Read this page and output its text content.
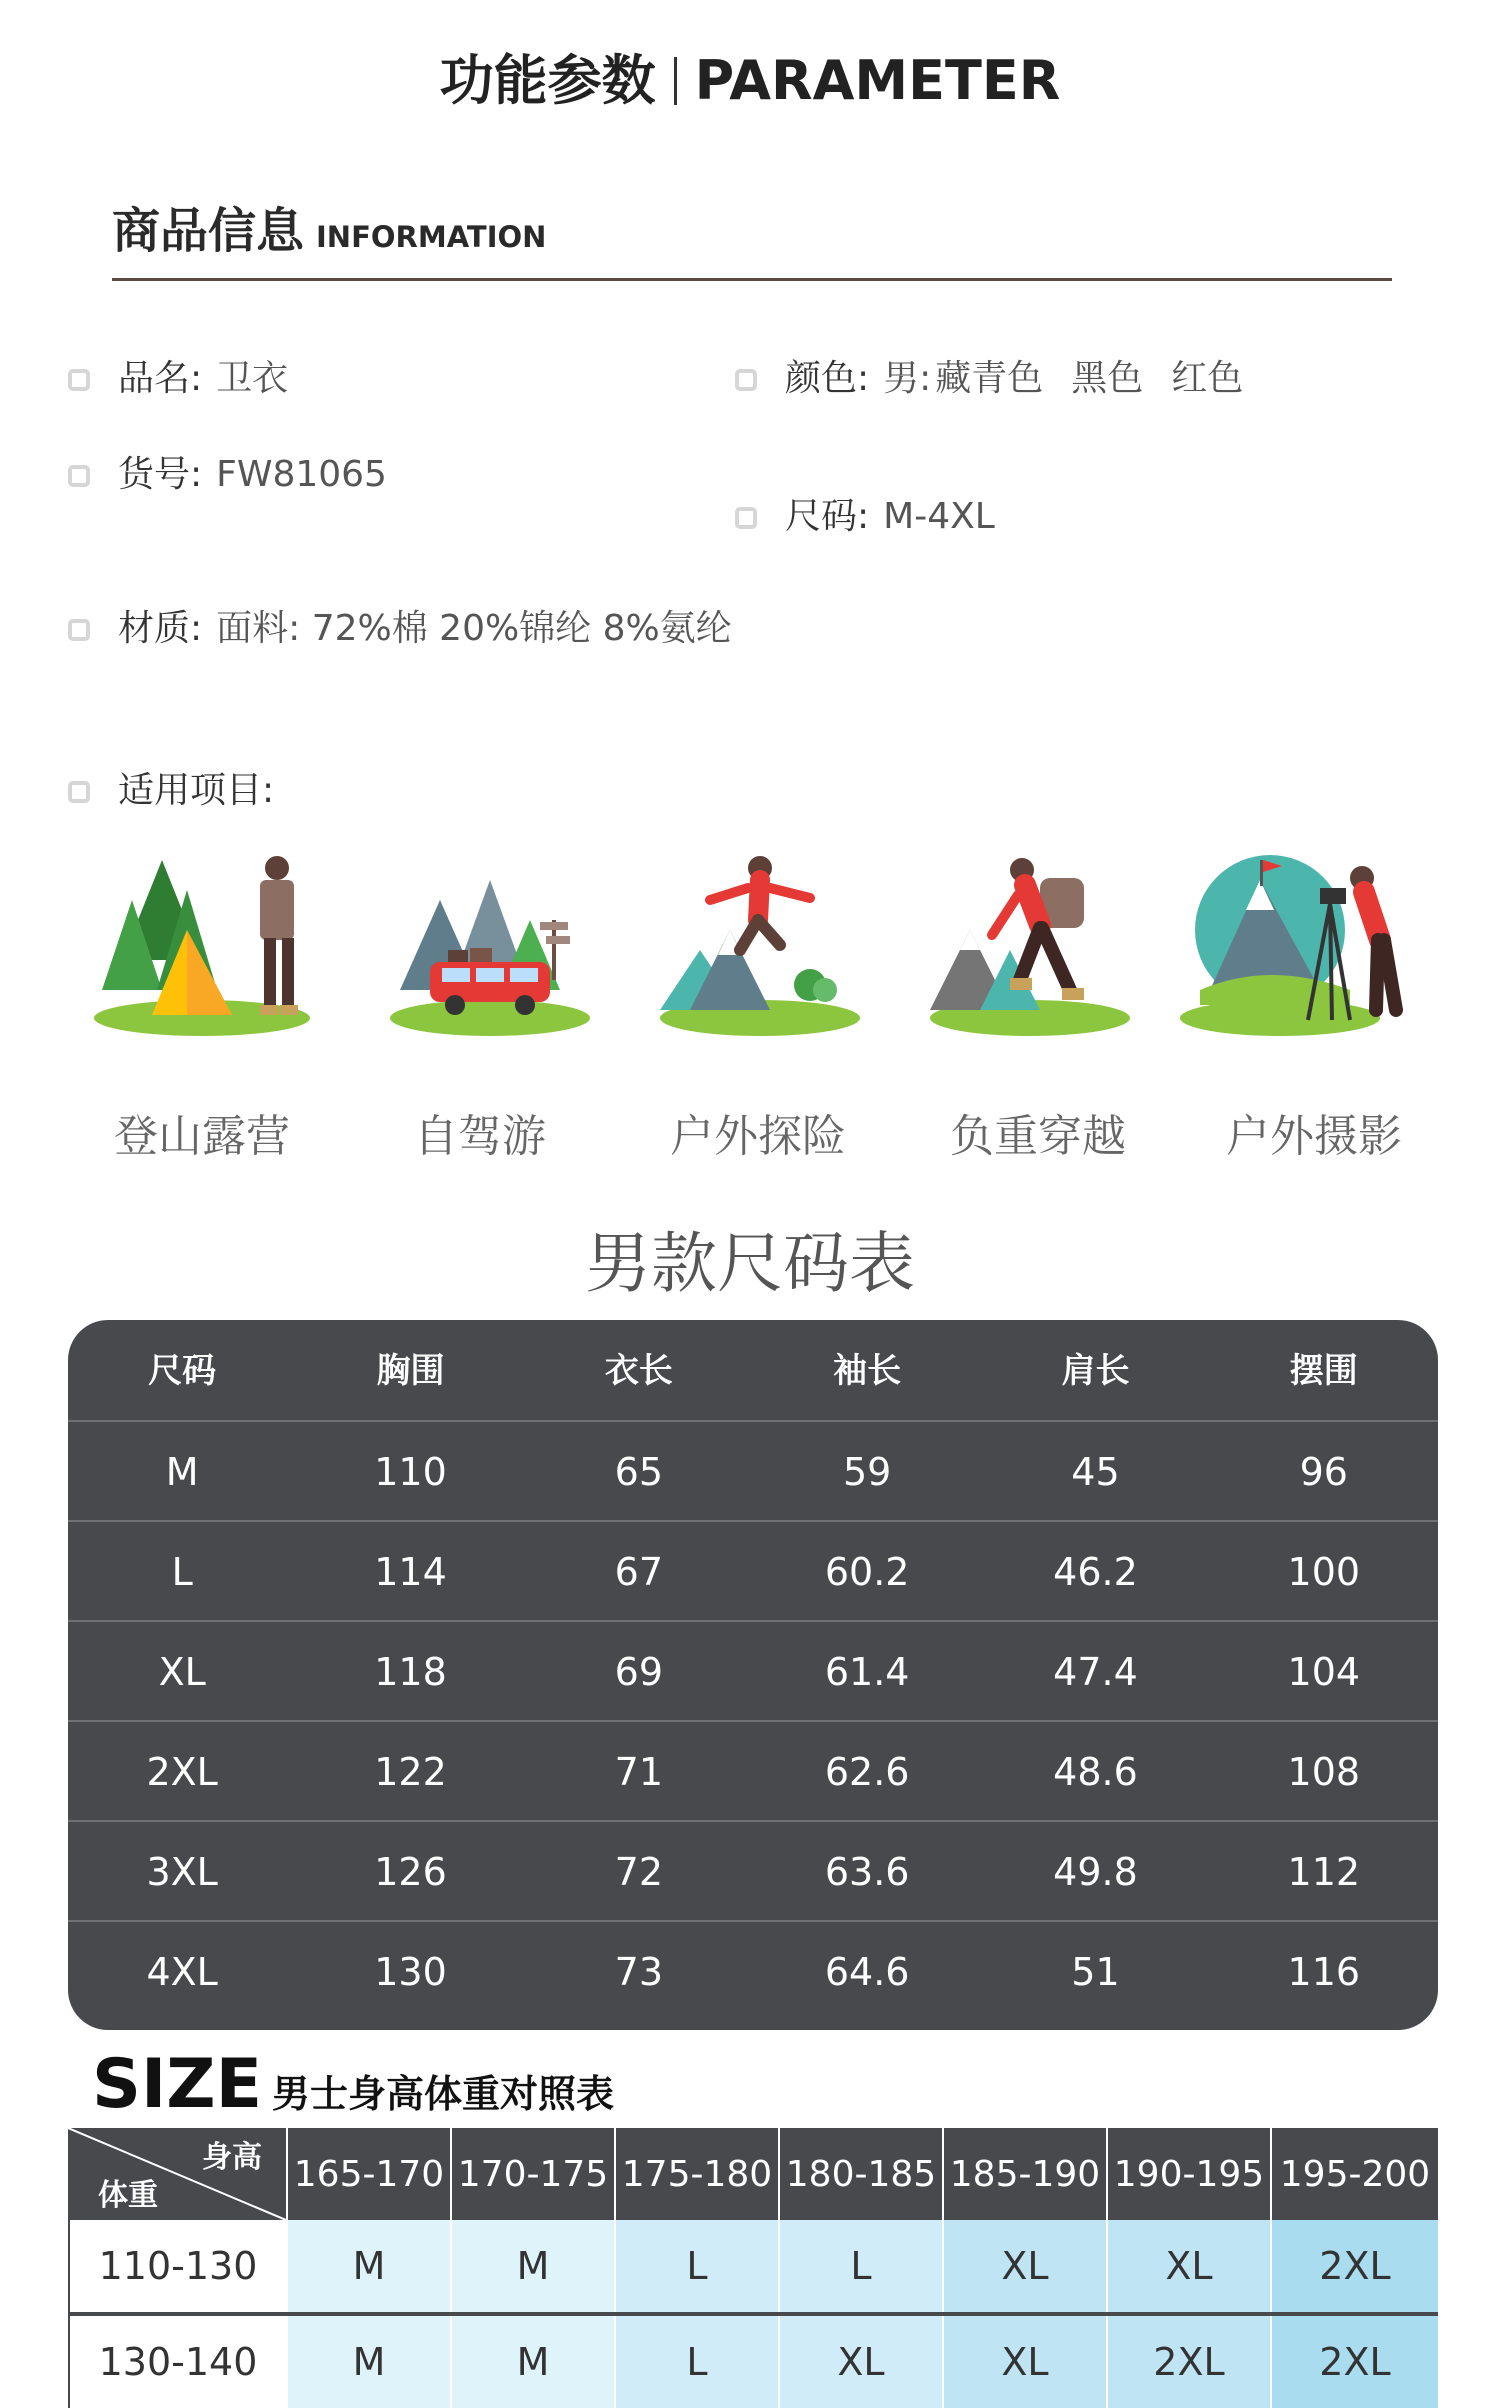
功能参数 PARAMETER
商品信息 INFORMATION
品名: 卫衣	颜色: 男: 藏青色 黑色 红色
货号: FW81065
尺码: M-4XL
材质: 面料: 72%棉 20%锦纶 8%氨纶
适用项目:
登山露营	自驾游	户外探险	负重穿越	户外摄影
男款尺码表
尺码	胸围	衣长	袖长	肩长	摆围
M	110	65	59	45	96
L	114	67	60.2	46.2	100
XL	118	69	61.4	47.4	104
2XL	122	71	62.6	48.6	108
3XL	126	72	63.6	49.8	112
4XL	130	73	64.6	51	116
SIZE 男士身高体重对照表
身高
体重
165-170 170-175 175-180 180-185 185-190 190-195 195-200
110-130	M	M	L	L	XL	XL	2XL
130-140	M	M	L	XL	XL	2XL	2XL
